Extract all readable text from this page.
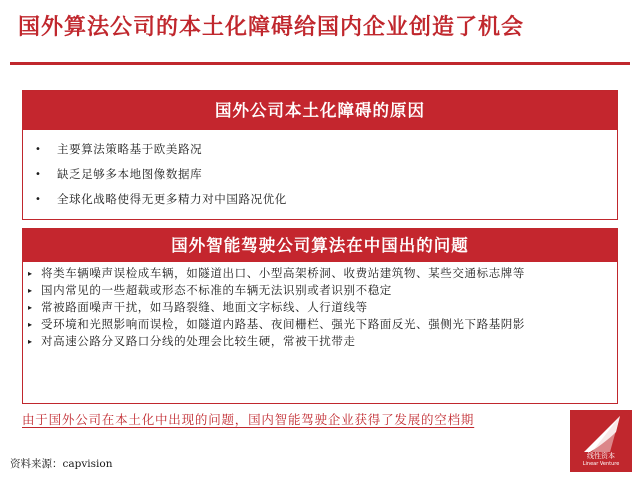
国外算法公司的本土化障碍给国内企业创造了机会
国外公司本土化障碍的原因
• 主要算法策略基于欧美路况
• 缺乏足够多本地图像数据库
• 全球化战略使得无更多精力对中国路况优化
国外智能驾驶公司算法在中国出的问题
▸ 将类车辆噪声误检成车辆，如隧道出口、小型高架桥洞、收费站建筑物、某些交通标志牌等
▸ 国内常见的一些超载或形态不标准的车辆无法识别或者识别不稳定
▸ 常被路面噪声干扰，如马路裂缝、地面文字标线、人行道线等
▸ 受环境和光照影响而误检，如隧道内路基、夜间栅栏、强光下路面反光、强侧光下路基阴影
▸ 对高速公路分叉路口分线的处理会比较生硬，常被干扰带走
由于国外公司在本土化中出现的问题，国内智能驾驶企业获得了发展的空档期
资料来源：capvision
线性资本
Linear Venture
